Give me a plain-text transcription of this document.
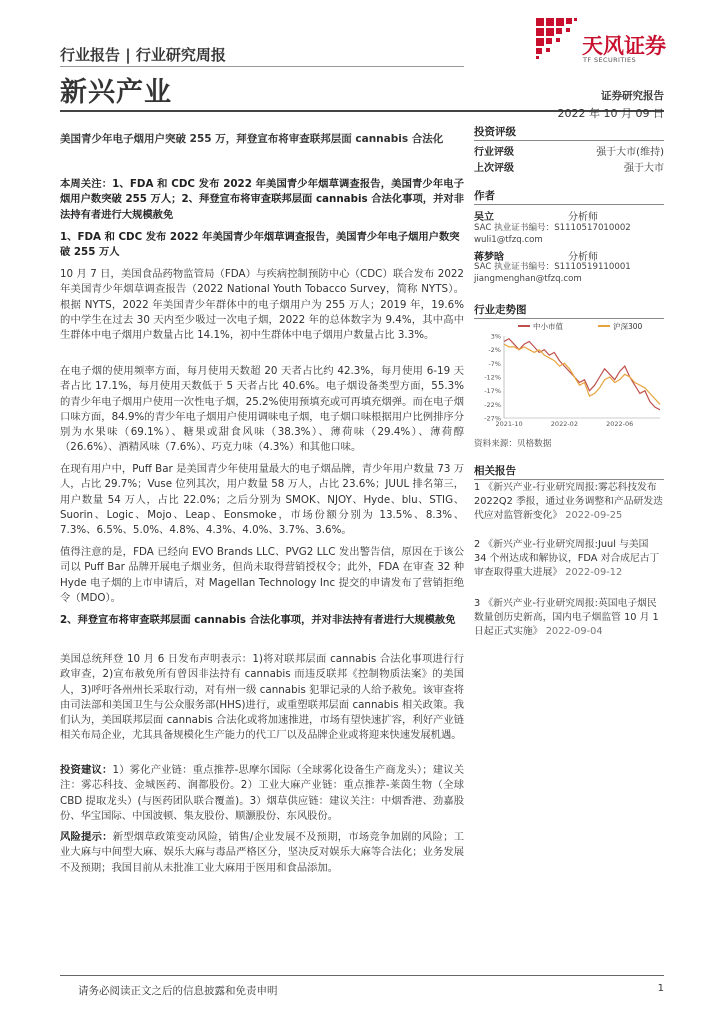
行业报告 | 行业研究周报
新兴产业
天风证券
TF SECURITIES
证券研究报告
2022 年 10 月 09 日
美国青少年电子烟用户突破 255 万，拜登宣布将审查联邦层面 cannabis 合法化

本周关注：1、FDA 和 CDC 发布 2022 年美国青少年烟草调查报告，美国青少年电子烟用户数突破 255 万人；2、拜登宣布将审查联邦层面 cannabis 合法化事项，并对非法持有者进行大规模赦免

1、FDA 和 CDC 发布 2022 年美国青少年烟草调查报告，美国青少年电子烟用户数突破 255 万人

10 月 7 日，美国食品药物监管局（FDA）与疾病控制预防中心（CDC）联合发布 2022 年美国青少年烟草调查报告（2022 National Youth Tobacco Survey，简称 NYTS）。根据 NYTS，2022 年美国青少年群体中的电子烟用户为 255 万人；2019 年，19.6% 的中学生在过去 30 天内至少吸过一次电子烟，2022 年的总体数字为 9.4%，其中高中生群体中电子烟用户数量占比 14.1%，初中生群体中电子烟用户数量占比 3.3%。

在电子烟的使用频率方面，每月使用天数超 20 天者占比约 42.3%，每月使用 6-19 天者占比 17.1%，每月使用天数低于 5 天者占比 40.6%。电子烟设备类型方面，55.3%的青少年电子烟用户使用一次性电子烟，25.2%使用预填充或可再填充烟弹。而在电子烟口味方面，84.9%的青少年电子烟用户使用调味电子烟，电子烟口味根据用户比例排序分别为水果味（69.1%）、糖果或甜食风味（38.3%）、薄荷味（29.4%）、薄荷醇（26.6%）、酒精风味（7.6%）、巧克力味（4.3%）和其他口味。

在现有用户中，Puff Bar 是美国青少年使用量最大的电子烟品牌，青少年用户数量 73 万人，占比 29.7%；Vuse 位列其次，用户数量 58 万人，占比 23.6%；JUUL 排名第三，用户数量 54 万人，占比 22.0%；之后分别为 SMOK、NJOY、Hyde、blu、STIG、Suorin、Logic、Mojo、Leap、Eonsmoke，市场份额分别为 13.5%、8.3%、7.3%、6.5%、5.0%、4.8%、4.3%、4.0%、3.7%、3.6%。

值得注意的是，FDA 已经向 EVO Brands LLC、PVG2 LLC 发出警告信，原因在于该公司以 Puff Bar 品牌开展电子烟业务，但尚未取得营销授权令；此外，FDA 在审查 32 种 Hyde 电子烟的上市申请后，对 Magellan Technology Inc 提交的申请发布了营销拒绝令（MDO）。

2、拜登宣布将审查联邦层面 cannabis 合法化事项，并对非法持有者进行大规模赦免

美国总统拜登 10 月 6 日发布声明表示：1)将对联邦层面 cannabis 合法化事项进行行政审查，2)宣布赦免所有曾因非法持有 cannabis 而违反联邦《控制物质法案》的美国人，3)呼吁各州州长采取行动，对有州一级 cannabis 犯罪记录的人给予赦免。该审查将由司法部和美国卫生与公众服务部(HHS)进行，或重塑联邦层面 cannabis 相关政策。我们认为，美国联邦层面 cannabis 合法化或将加速推进，市场有望快速扩容，利好产业链相关布局企业，尤其具备规模化生产能力的代工厂以及品牌企业或将迎来快速发展机遇。

投资建议：1）雾化产业链：重点推荐-思摩尔国际（全球雾化设备生产商龙头）；建议关注：雾芯科技、金城医药、润都股份。2）工业大麻产业链：重点推荐-莱茵生物（全球 CBD 提取龙头）(与医药团队联合覆盖)。3）烟草供应链：建议关注：中烟香港、劲嘉股份、华宝国际、中国波顿、集友股份、顺灏股份、东风股份。

风险提示：新型烟草政策变动风险，销售/企业发展不及预期，市场竞争加剧的风险；工业大麻与中间型大麻、娱乐大麻与毒品严格区分，坚决反对娱乐大麻等合法化；业务发展不及预期；我国目前从未批准工业大麻用于医用和食品添加。

投资评级
行业评级	强于大市(维持)
上次评级	强于大市
作者
吴立	分析师
SAC 执业证书编号：S1110517010002
wuli1@tfzq.com
蒋梦晗	分析师
SAC 执业证书编号：S1110519110001
jiangmenghan@tfzq.com
行业走势图
中小市值	沪深300
3%
-2%
-7%
-12%
-17%
-22%
-27%
2021-10	2022-02	2022-06
资料来源：贝格数据
相关报告
1 《新兴产业-行业研究周报:雾芯科技发布 2022Q2 季报，通过业务调整和产品研发迭代应对监管新变化》 2022-09-25
2 《新兴产业-行业研究周报:Juul 与美国 34 个州达成和解协议，FDA 对合成尼古丁审查取得重大进展》 2022-09-12
3 《新兴产业-行业研究周报:英国电子烟民数量创历史新高，国内电子烟监管 10 月 1 日起正式实施》 2022-09-04
请务必阅读正文之后的信息披露和免责申明	1
